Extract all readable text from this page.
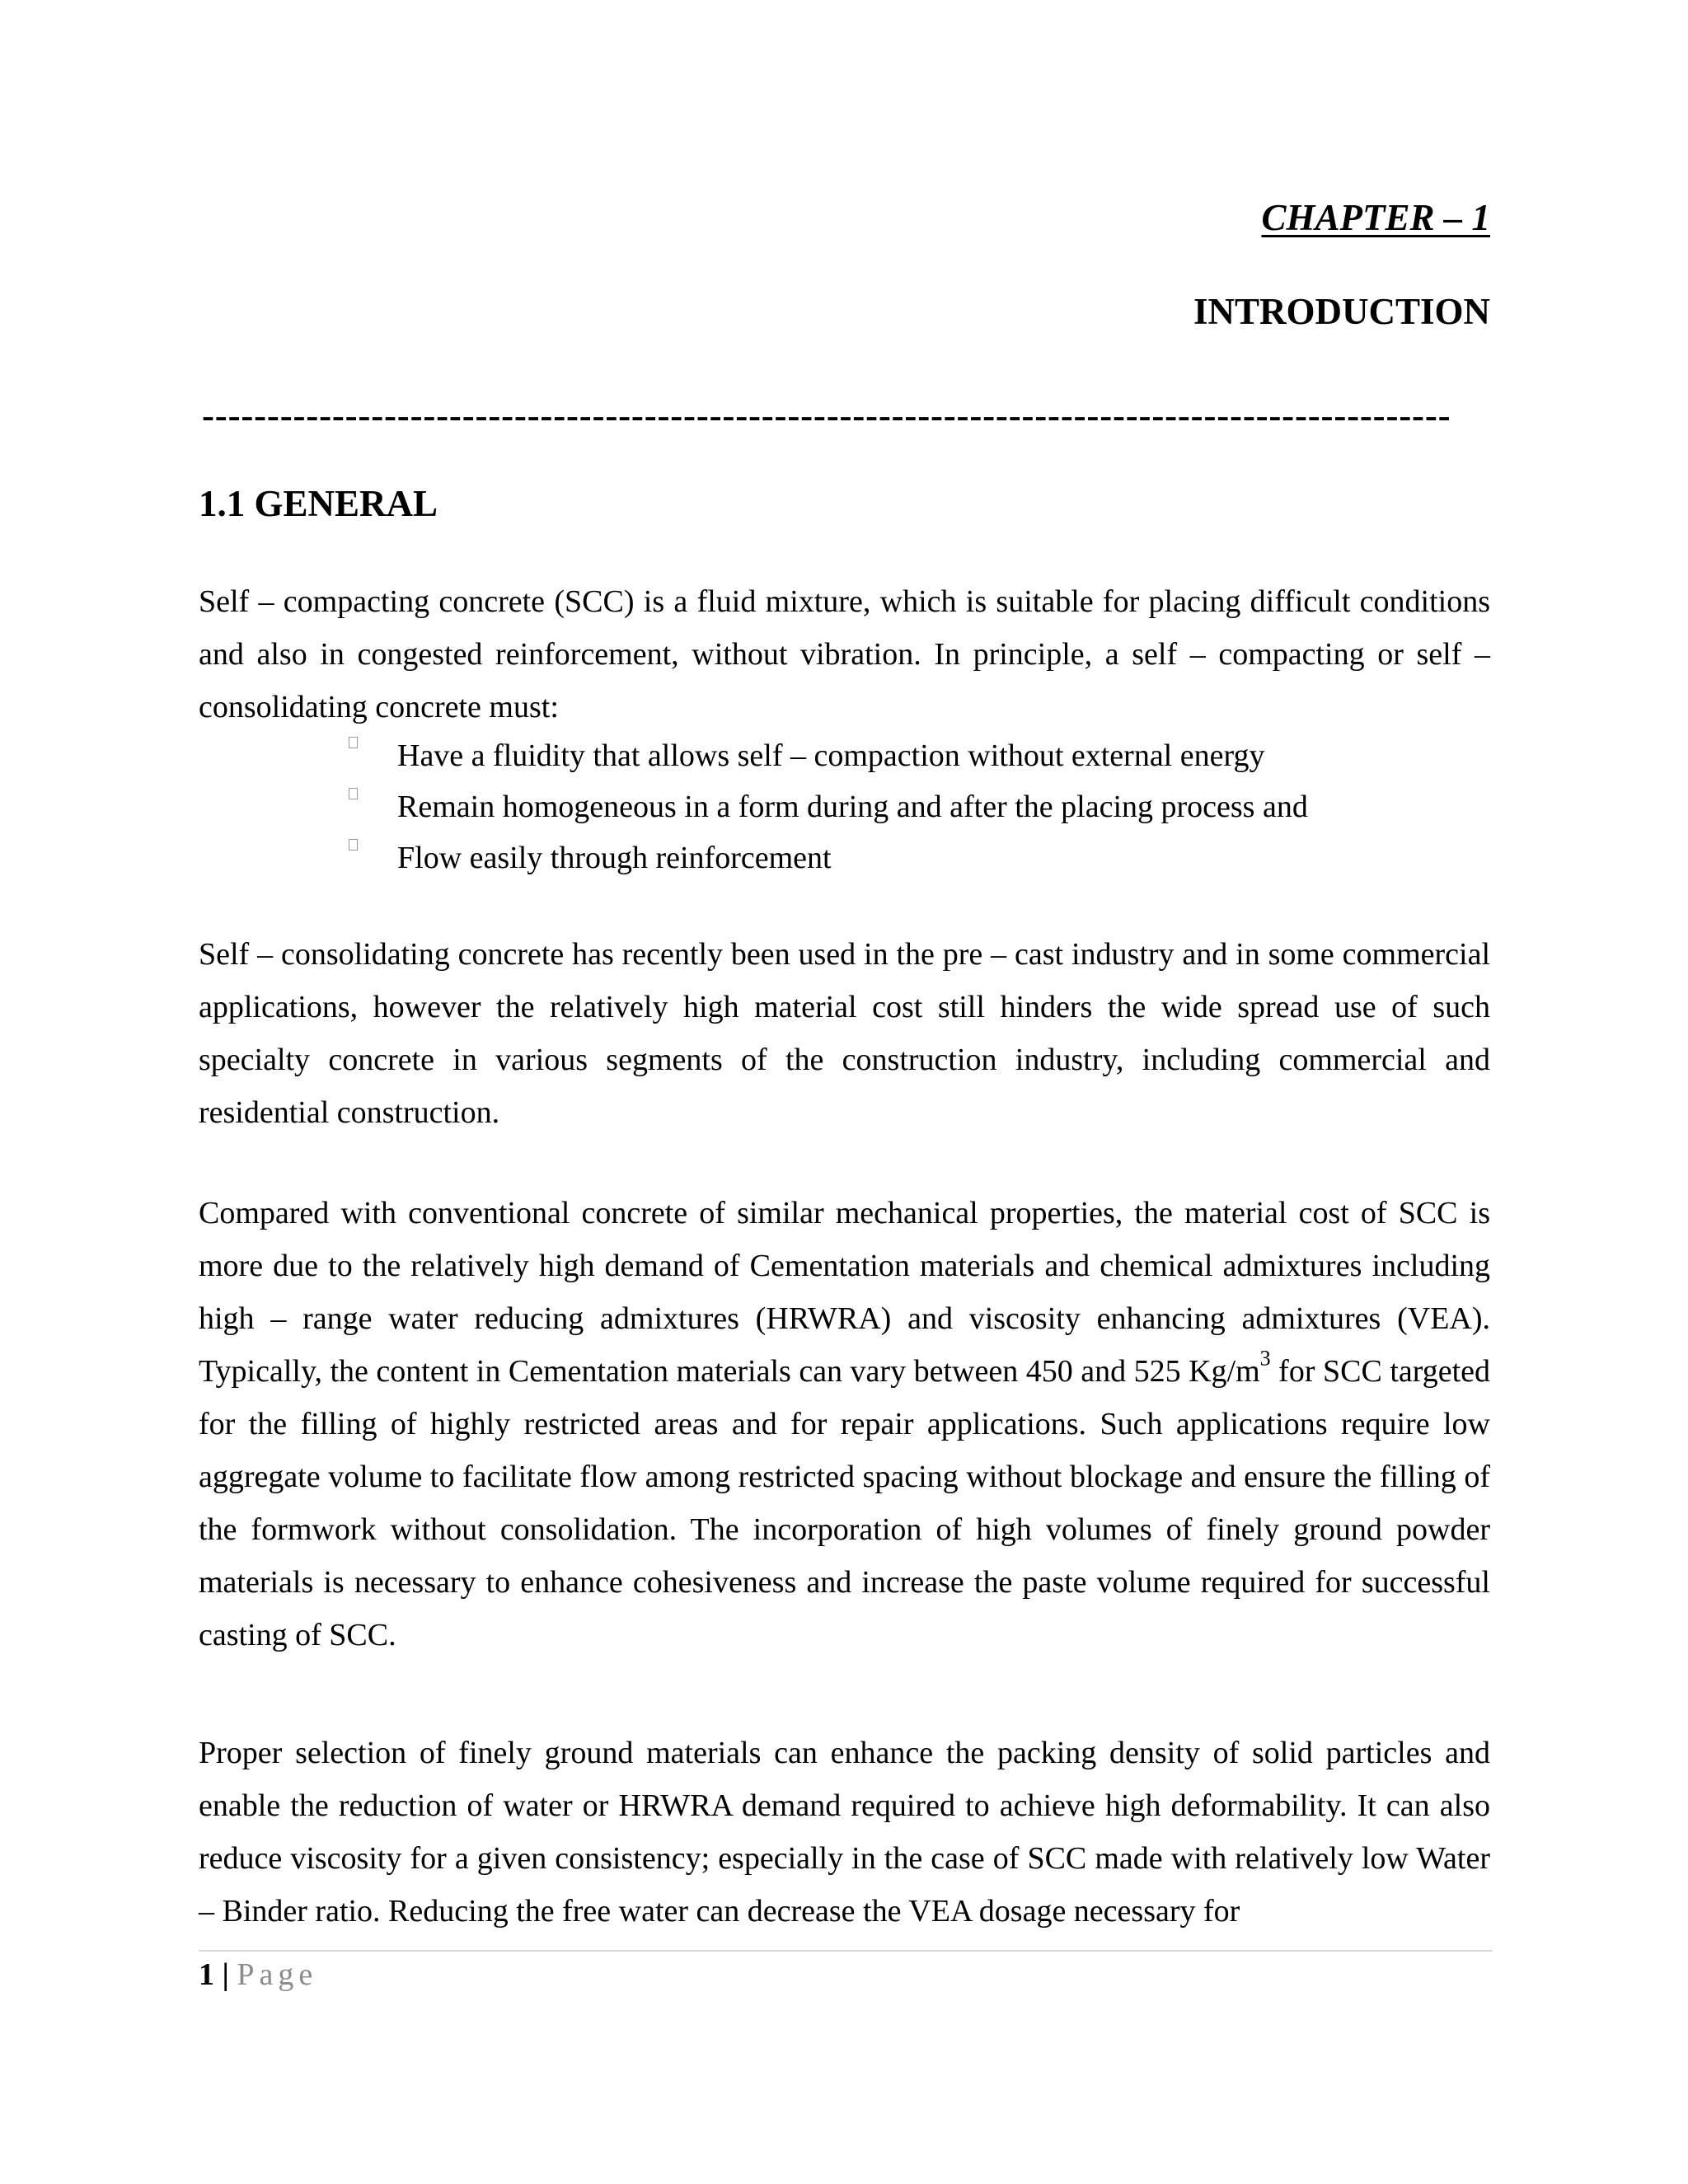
CHAPTER – 1
INTRODUCTION
------------------------------------------------------------------------------------------------
1.1 GENERAL
Self – compacting concrete (SCC) is a fluid mixture, which is suitable for placing difficult conditions and also in congested reinforcement, without vibration. In principle, a self – compacting or self – consolidating concrete must:
Have a fluidity that allows self – compaction without external energy
Remain homogeneous in a form during and after the placing process and
Flow easily through reinforcement
Self – consolidating concrete has recently been used in the pre – cast industry and in some commercial applications, however the relatively high material cost still hinders the wide spread use of such specialty concrete in various segments of the construction industry, including commercial and residential construction.
Compared with conventional concrete of similar mechanical properties, the material cost of SCC is more due to the relatively high demand of Cementation materials and chemical admixtures including high – range water reducing admixtures (HRWRA) and viscosity enhancing admixtures (VEA). Typically, the content in Cementation materials can vary between 450 and 525 $Kg/m^3$ for SCC targeted for the filling of highly restricted areas and for repair applications. Such applications require low aggregate volume to facilitate flow among restricted spacing without blockage and ensure the filling of the formwork without consolidation. The incorporation of high volumes of finely ground powder materials is necessary to enhance cohesiveness and increase the paste volume required for successful casting of SCC.
Proper selection of finely ground materials can enhance the packing density of solid particles and enable the reduction of water or HRWRA demand required to achieve high deformability. It can also reduce viscosity for a given consistency; especially in the case of SCC made with relatively low Water – Binder ratio. Reducing the free water can decrease the VEA dosage necessary for
1 | Page
